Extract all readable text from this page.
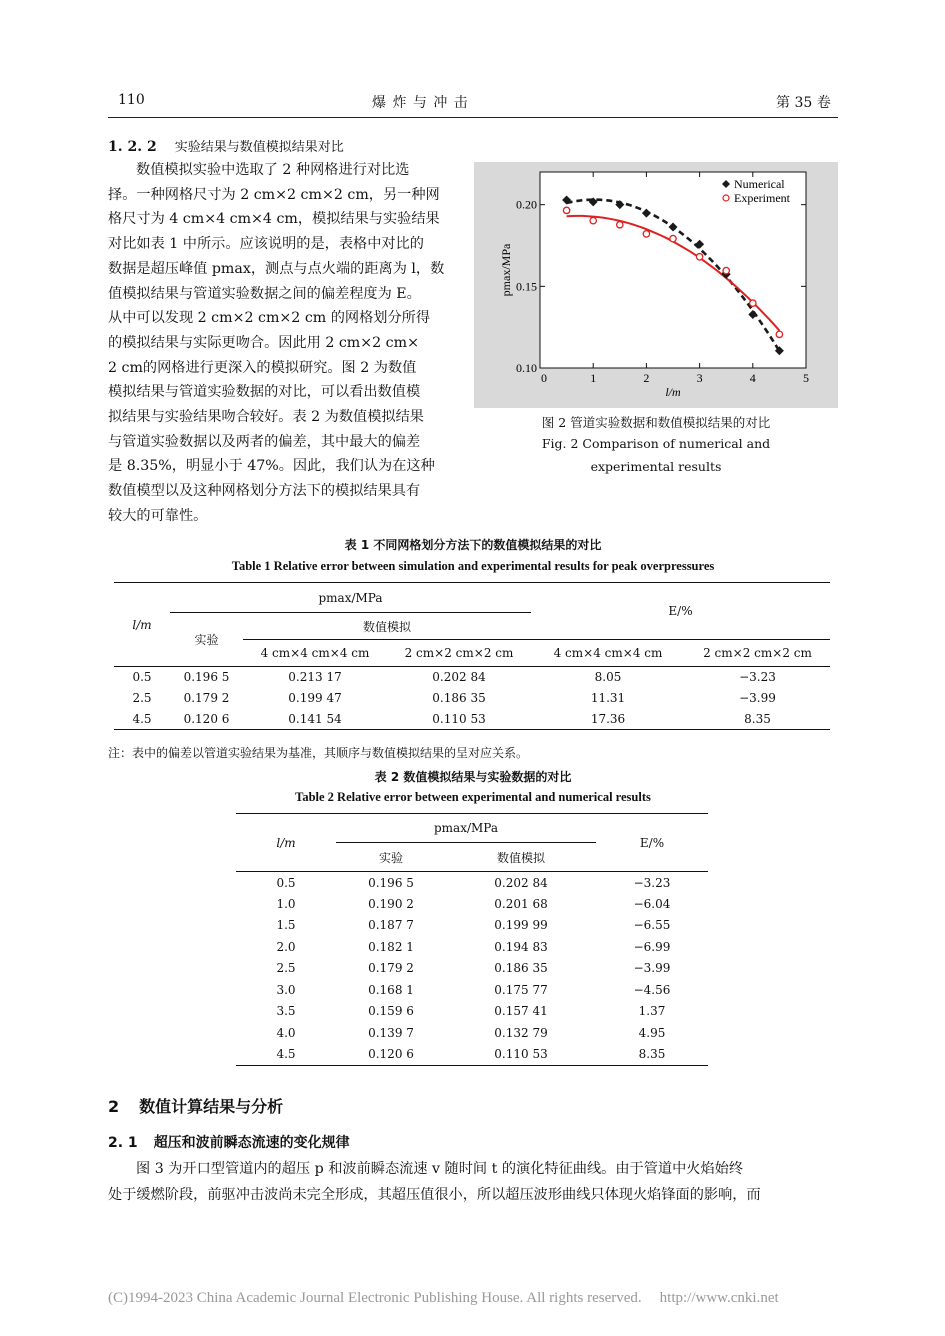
110	爆 炸 与 冲 击	第 35 卷
1. 2. 2 实验结果与数值模拟结果对比
数值模拟实验中选取了 2 种网格进行对比选
择。一种网格尺寸为 2 cm×2 cm×2 cm，另一种网
格尺寸为 4 cm×4 cm×4 cm，模拟结果与实验结果
对比如表 1 中所示。应该说明的是，表格中对比的
数据是超压峰值 pmax，测点与点火端的距离为 l，数
值模拟结果与管道实验数据之间的偏差程度为 E。
从中可以发现 2 cm×2 cm×2 cm 的网格划分所得
的模拟结果与实际更吻合。因此用 2 cm×2 cm×
2 cm的网格进行更深入的模拟研究。图 2 为数值
模拟结果与管道实验数据的对比，可以看出数值模
拟结果与实验结果吻合较好。表 2 为数值模拟结果
与管道实验数据以及两者的偏差，其中最大的偏差
是 8.35%，明显小于 47%。因此，我们认为在这种
数值模型以及这种网格划分方法下的模拟结果具有
较大的可靠性。
0	1	2	3	4	5
0.10
0.15
0.20
l/m
pmax/MPa
Numerical
Experiment
图 2 管道实验数据和数值模拟结果的对比
Fig. 2 Comparison of numerical and
experimental results
表 1 不同网格划分方法下的数值模拟结果的对比
Table 1 Relative error between simulation and experimental results for peak overpressures
l/m	pmax/MPa			E/%	
	实验	数值模拟			
		4 cm×4 cm×4 cm	2 cm×2 cm×2 cm	4 cm×4 cm×4 cm	2 cm×2 cm×2 cm
0.5	0.196 5	0.213 17	0.202 84	8.05	−3.23
2.5	0.179 2	0.199 47	0.186 35	11.31	−3.99
4.5	0.120 6	0.141 54	0.110 53	17.36	8.35
注：表中的偏差以管道实验结果为基准，其顺序与数值模拟结果的呈对应关系。
表 2 数值模拟结果与实验数据的对比
Table 2 Relative error between experimental and numerical results
l/m	pmax/MPa		E/%
	实验	数值模拟	
0.5	0.196 5	0.202 84	−3.23
1.0	0.190 2	0.201 68	−6.04
1.5	0.187 7	0.199 99	−6.55
2.0	0.182 1	0.194 83	−6.99
2.5	0.179 2	0.186 35	−3.99
3.0	0.168 1	0.175 77	−4.56
3.5	0.159 6	0.157 41	1.37
4.0	0.139 7	0.132 79	4.95
4.5	0.120 6	0.110 53	8.35
2 数值计算结果与分析
2. 1 超压和波前瞬态流速的变化规律
图 3 为开口型管道内的超压 p 和波前瞬态流速 v 随时间 t 的演化特征曲线。由于管道中火焰始终
处于缓燃阶段，前驱冲击波尚未完全形成，其超压值很小，所以超压波形曲线只体现火焰锋面的影响，而
(C)1994-2023 China Academic Journal Electronic Publishing House. All rights reserved. http://www.cnki.net
